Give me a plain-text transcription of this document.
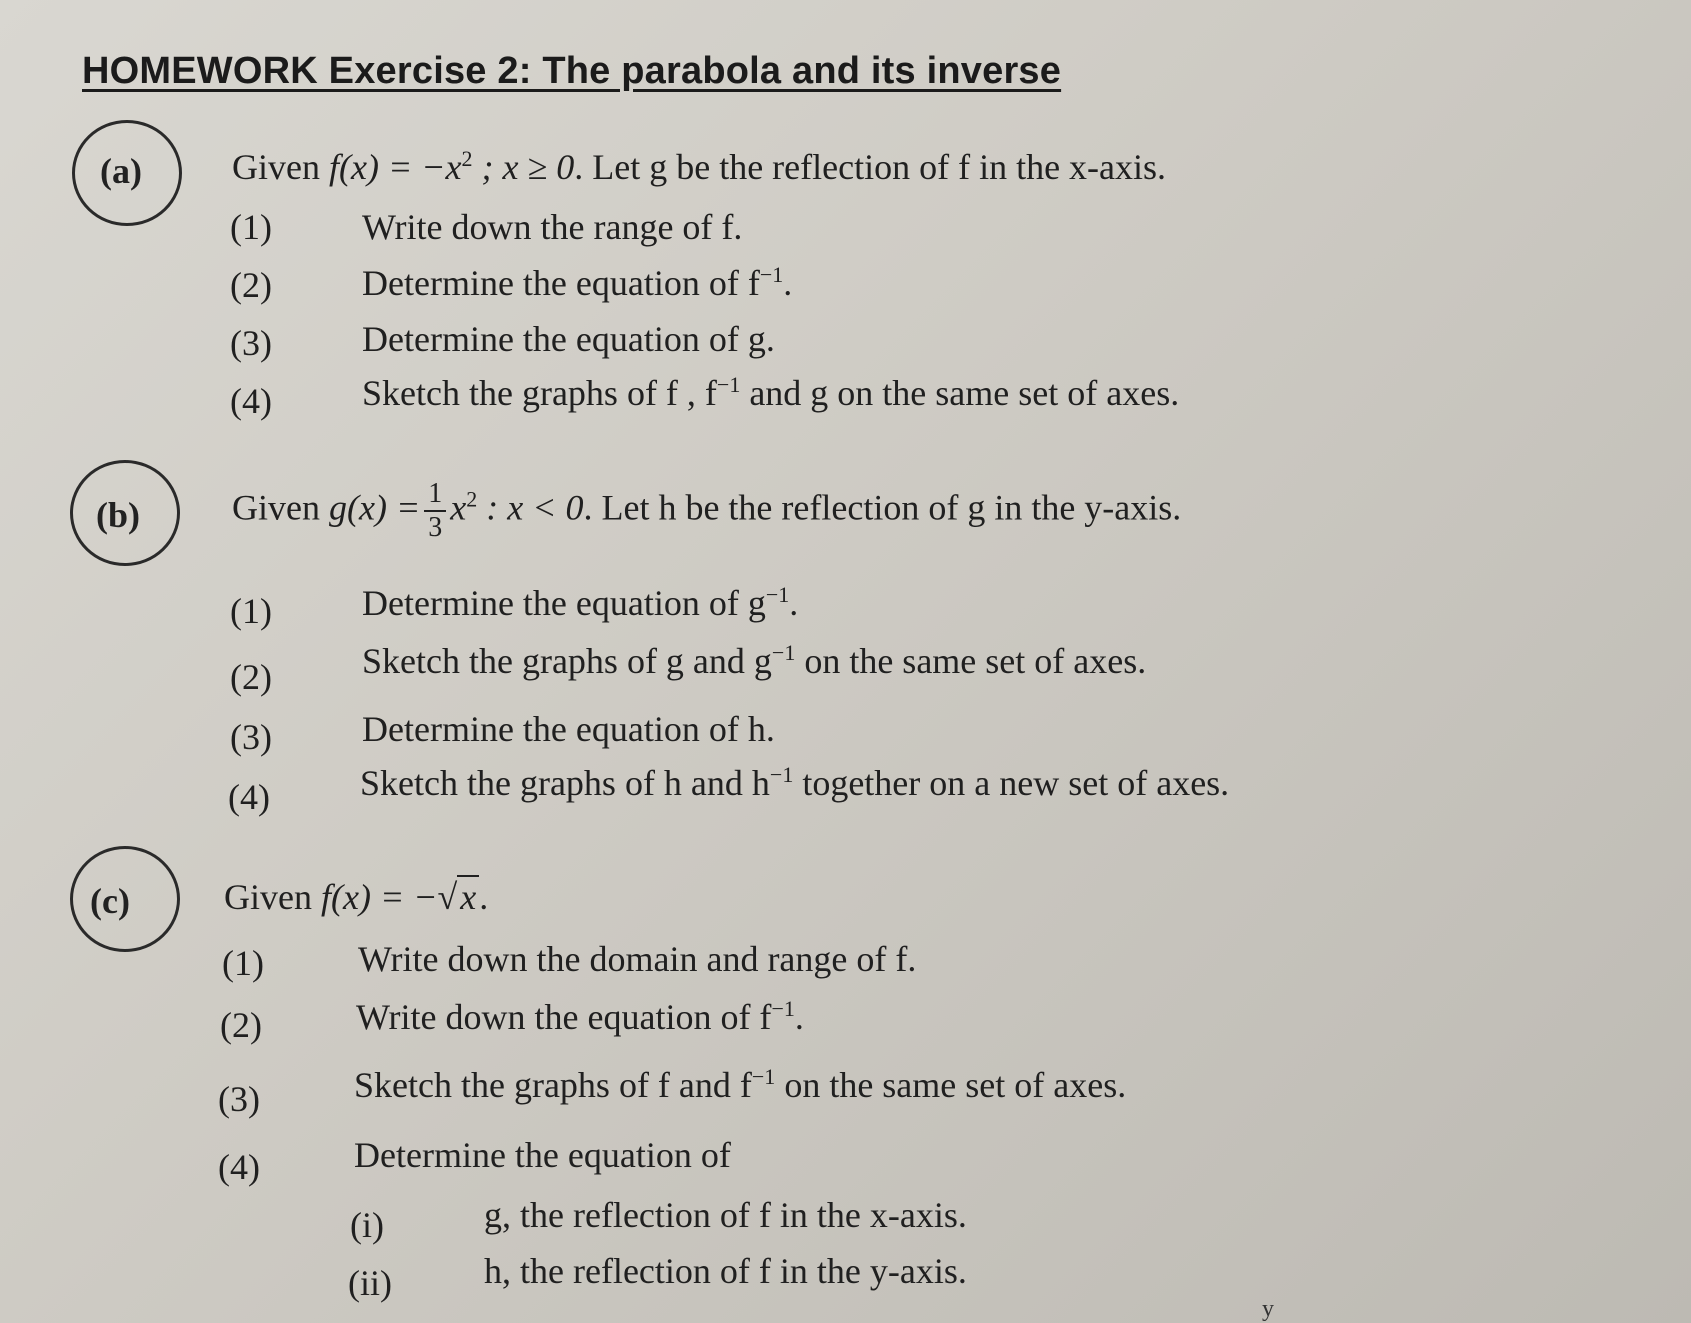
HOMEWORK Exercise 2: The parabola and its inverse
(a)	Given $f(x) = -x^2$ ; x ≥ 0. Let g be the reflection of f in the x-axis.
(1)	Write down the range of f.
(2)	Determine the equation of $f^{-1}$.
(3)	Determine the equation of g.
(4)	Sketch the graphs of f , $f^{-1}$ and g on the same set of axes.
(b)	Given $g(x) = \frac{1}{3} x^2$ : x < 0. Let h be the reflection of g in the y-axis.
(1)	Determine the equation of $g^{-1}$.
(2)	Sketch the graphs of g and $g^{-1}$ on the same set of axes.
(3)	Determine the equation of h.
(4)	Sketch the graphs of h and $h^{-1}$ together on a new set of axes.
(c)	Given f(x) = −√x.
(1)	Write down the domain and range of f.
(2)	Write down the equation of $f^{-1}$.
(3)	Sketch the graphs of f and $f^{-1}$ on the same set of axes.
(4)	Determine the equation of
(i)	g, the reflection of f in the x-axis.
(ii)	h, the reflection of f in the y-axis.
y
